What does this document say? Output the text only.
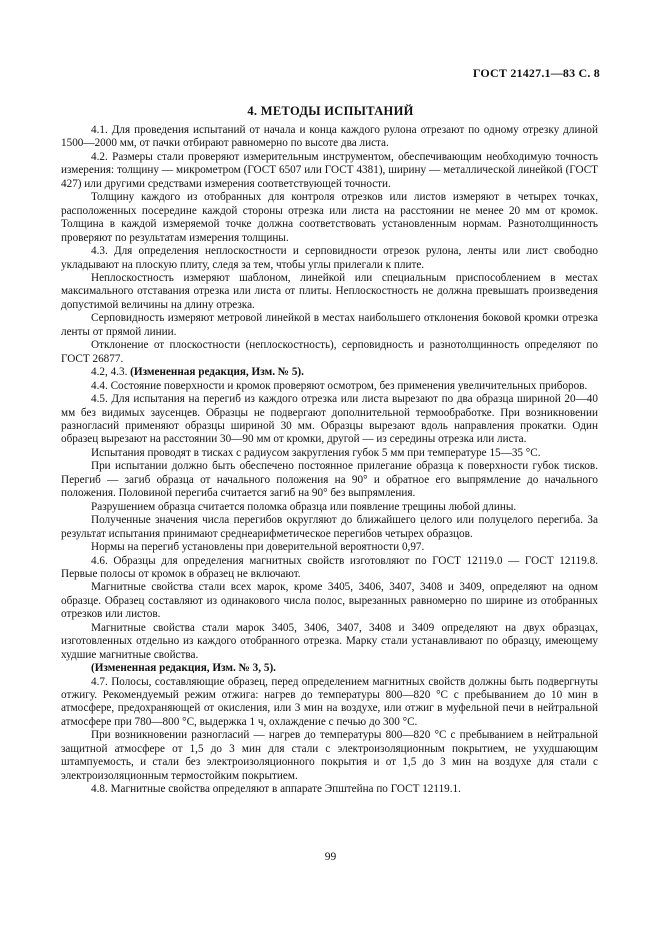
ГОСТ 21427.1—83 С. 8
4. МЕТОДЫ ИСПЫТАНИЙ

4.1. Для проведения испытаний от начала и конца каждого рулона отрезают по одному отрезку длиной 1500—2000 мм, от пачки отбирают равномерно по высоте два листа.

4.2. Размеры стали проверяют измерительным инструментом, обеспечивающим необходимую точность измерения: толщину — микрометром (ГОСТ 6507 или ГОСТ 4381), ширину — металлической линейкой (ГОСТ 427) или другими средствами измерения соответствующей точности.

Толщину каждого из отобранных для контроля отрезков или листов измеряют в четырех точках, расположенных посередине каждой стороны отрезка или листа на расстоянии не менее 20 мм от кромок. Толщина в каждой измеряемой точке должна соответствовать установленным нормам. Разнотолщинность проверяют по результатам измерения толщины.

4.3. Для определения неплоскостности и серповидности отрезок рулона, ленты или лист свободно укладывают на плоскую плиту, следя за тем, чтобы углы прилегали к плите.

Неплоскостность измеряют шаблоном, линейкой или специальным приспособлением в местах максимального отставания отрезка или листа от плиты. Неплоскостность не должна превышать произведения допустимой величины на длину отрезка.

Серповидность измеряют метровой линейкой в местах наибольшего отклонения боковой кромки отрезка ленты от прямой линии.

Отклонение от плоскостности (неплоскостность), серповидность и разнотолщинность определяют по ГОСТ 26877.

4.2, 4.3. (Измененная редакция, Изм. № 5).

4.4. Состояние поверхности и кромок проверяют осмотром, без применения увеличительных приборов.

4.5. Для испытания на перегиб из каждого отрезка или листа вырезают по два образца шириной 20—40 мм без видимых заусенцев. Образцы не подвергают дополнительной термообработке. При возникновении разногласий применяют образцы шириной 30 мм. Образцы вырезают вдоль направления прокатки. Один образец вырезают на расстоянии 30—90 мм от кромки, другой — из середины отрезка или листа.

Испытания проводят в тисках с радиусом закругления губок 5 мм при температуре 15—35 °С.

При испытании должно быть обеспечено постоянное прилегание образца к поверхности губок тисков. Перегиб — загиб образца от начального положения на 90° и обратное его выпрямление до начального положения. Половиной перегиба считается загиб на 90° без выпрямления.

Разрушением образца считается поломка образца или появление трещины любой длины.

Полученные значения числа перегибов округляют до ближайшего целого или полуцелого перегиба. За результат испытания принимают среднеарифметическое перегибов четырех образцов.

Нормы на перегиб установлены при доверительной вероятности 0,97.

4.6. Образцы для определения магнитных свойств изготовляют по ГОСТ 12119.0 — ГОСТ 12119.8. Первые полосы от кромок в образец не включают.

Магнитные свойства стали всех марок, кроме 3405, 3406, 3407, 3408 и 3409, определяют на одном образце. Образец составляют из одинакового числа полос, вырезанных равномерно по ширине из отобранных отрезков или листов.

Магнитные свойства стали марок 3405, 3406, 3407, 3408 и 3409 определяют на двух образцах, изготовленных отдельно из каждого отобранного отрезка. Марку стали устанавливают по образцу, имеющему худшие магнитные свойства.

(Измененная редакция, Изм. № 3, 5).

4.7. Полосы, составляющие образец, перед определением магнитных свойств должны быть подвергнуты отжигу. Рекомендуемый режим отжига: нагрев до температуры 800—820 °С с пребыванием до 10 мин в атмосфере, предохраняющей от окисления, или 3 мин на воздухе, или отжиг в муфельной печи в нейтральной атмосфере при 780—800 °С, выдержка 1 ч, охлаждение с печью до 300 °С.

При возникновении разногласий — нагрев до температуры 800—820 °С с пребыванием в нейтральной защитной атмосфере от 1,5 до 3 мин для стали с электроизоляционным покрытием, не ухудшающим штампуемость, и стали без электроизоляционного покрытия и от 1,5 до 3 мин на воздухе для стали с электроизоляционным термостойким покрытием.

4.8. Магнитные свойства определяют в аппарате Эпштейна по ГОСТ 12119.1.

99
